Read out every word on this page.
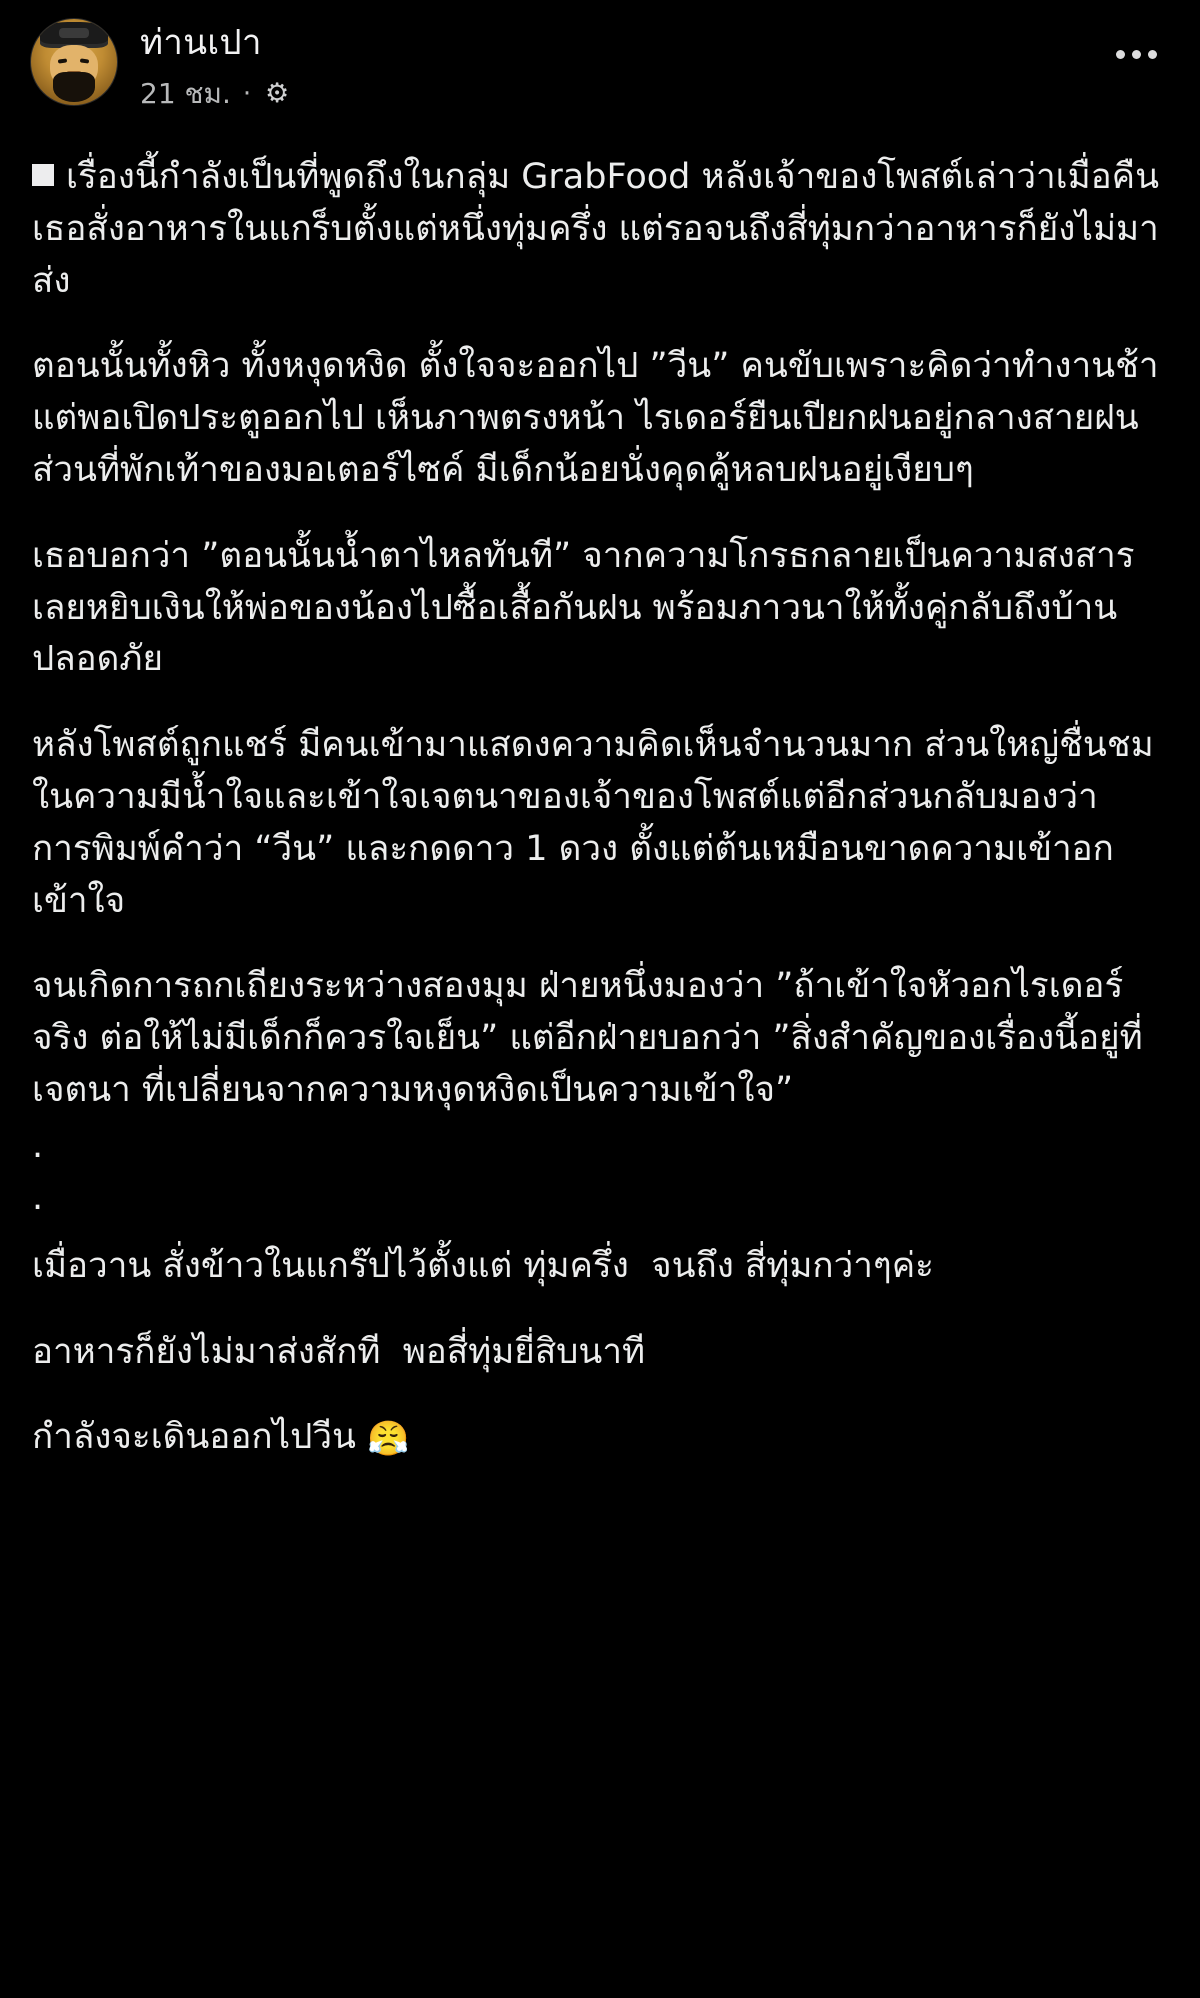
ท่านเปา
21 ชม. · ⚙

เรื่องนี้กำลังเป็นที่พูดถึงในกลุ่ม GrabFood หลังเจ้าของโพสต์เล่าว่าเมื่อคืนเธอสั่งอาหารในแกร็บตั้งแต่หนึ่งทุ่มครึ่ง แต่รอจนถึงสี่ทุ่มกว่าอาหารก็ยังไม่มาส่ง

ตอนนั้นทั้งหิว ทั้งหงุดหงิด ตั้งใจจะออกไป ”วีน” คนขับเพราะคิดว่าทำงานช้าแต่พอเปิดประตูออกไป เห็นภาพตรงหน้า ไรเดอร์ยืนเปียกฝนอยู่กลางสายฝน ส่วนที่พักเท้าของมอเตอร์ไซค์ มีเด็กน้อยนั่งคุดคู้หลบฝนอยู่เงียบๆ

เธอบอกว่า ”ตอนนั้นน้ำตาไหลทันที” จากความโกรธกลายเป็นความสงสารเลยหยิบเงินให้พ่อของน้องไปซื้อเสื้อกันฝน พร้อมภาวนาให้ทั้งคู่กลับถึงบ้านปลอดภัย

หลังโพสต์ถูกแชร์ มีคนเข้ามาแสดงความคิดเห็นจำนวนมาก ส่วนใหญ่ชื่นชมในความมีน้ำใจและเข้าใจเจตนาของเจ้าของโพสต์แต่อีกส่วนกลับมองว่า การพิมพ์คำว่า “วีน” และกดดาว 1 ดวง ตั้งแต่ต้นเหมือนขาดความเข้าอกเข้าใจ

จนเกิดการถกเถียงระหว่างสองมุม ฝ่ายหนึ่งมองว่า ”ถ้าเข้าใจหัวอกไรเดอร์จริง ต่อให้ไม่มีเด็กก็ควรใจเย็น” แต่อีกฝ่ายบอกว่า ”สิ่งสำคัญของเรื่องนี้อยู่ที่เจตนา ที่เปลี่ยนจากความหงุดหงิดเป็นความเข้าใจ”

.

.

เมื่อวาน สั่งข้าวในแกร๊ปไว้ตั้งแต่ ทุ่มครึ่ง  จนถึง สี่ทุ่มกว่าๆค่ะ

อาหารก็ยังไม่มาส่งสักที  พอสี่ทุ่มยี่สิบนาที

กำลังจะเดินออกไปวีน 😤
